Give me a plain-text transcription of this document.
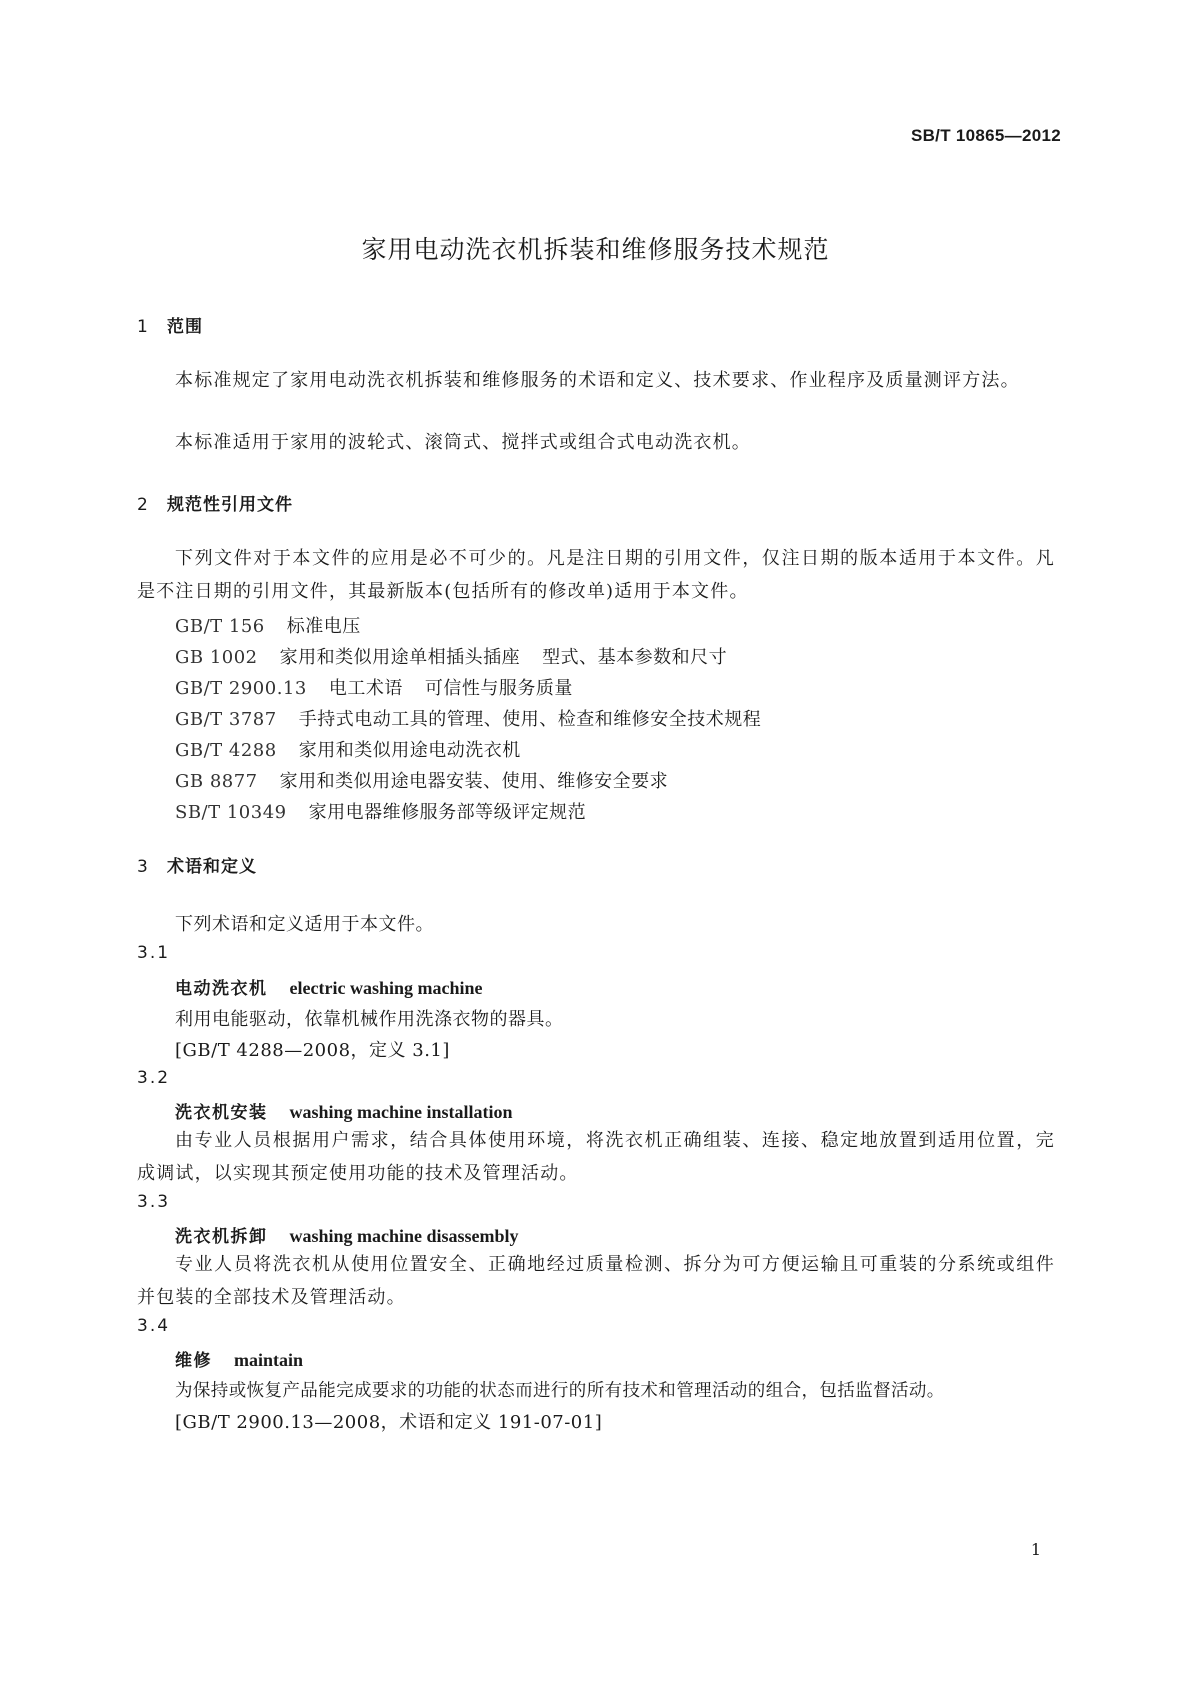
SB/T 10865—2012
家用电动洗衣机拆装和维修服务技术规范
1 范围
本标准规定了家用电动洗衣机拆装和维修服务的术语和定义、技术要求、作业程序及质量测评方法。
本标准适用于家用的波轮式、滚筒式、搅拌式或组合式电动洗衣机。
2 规范性引用文件
下列文件对于本文件的应用是必不可少的。凡是注日期的引用文件，仅注日期的版本适用于本文件。凡是不注日期的引用文件，其最新版本(包括所有的修改单)适用于本文件。
GB/T 156 标准电压
GB 1002 家用和类似用途单相插头插座 型式、基本参数和尺寸
GB/T 2900.13 电工术语 可信性与服务质量
GB/T 3787 手持式电动工具的管理、使用、检查和维修安全技术规程
GB/T 4288 家用和类似用途电动洗衣机
GB 8877 家用和类似用途电器安装、使用、维修安全要求
SB/T 10349 家用电器维修服务部等级评定规范
3 术语和定义
下列术语和定义适用于本文件。
3.1
电动洗衣机 electric washing machine
利用电能驱动，依靠机械作用洗涤衣物的器具。
[GB/T 4288—2008，定义 3.1]
3.2
洗衣机安装 washing machine installation
由专业人员根据用户需求，结合具体使用环境，将洗衣机正确组装、连接、稳定地放置到适用位置，完成调试，以实现其预定使用功能的技术及管理活动。
3.3
洗衣机拆卸 washing machine disassembly
专业人员将洗衣机从使用位置安全、正确地经过质量检测、拆分为可方便运输且可重装的分系统或组件并包装的全部技术及管理活动。
3.4
维修 maintain
为保持或恢复产品能完成要求的功能的状态而进行的所有技术和管理活动的组合，包括监督活动。
[GB/T 2900.13—2008，术语和定义 191-07-01]
1
